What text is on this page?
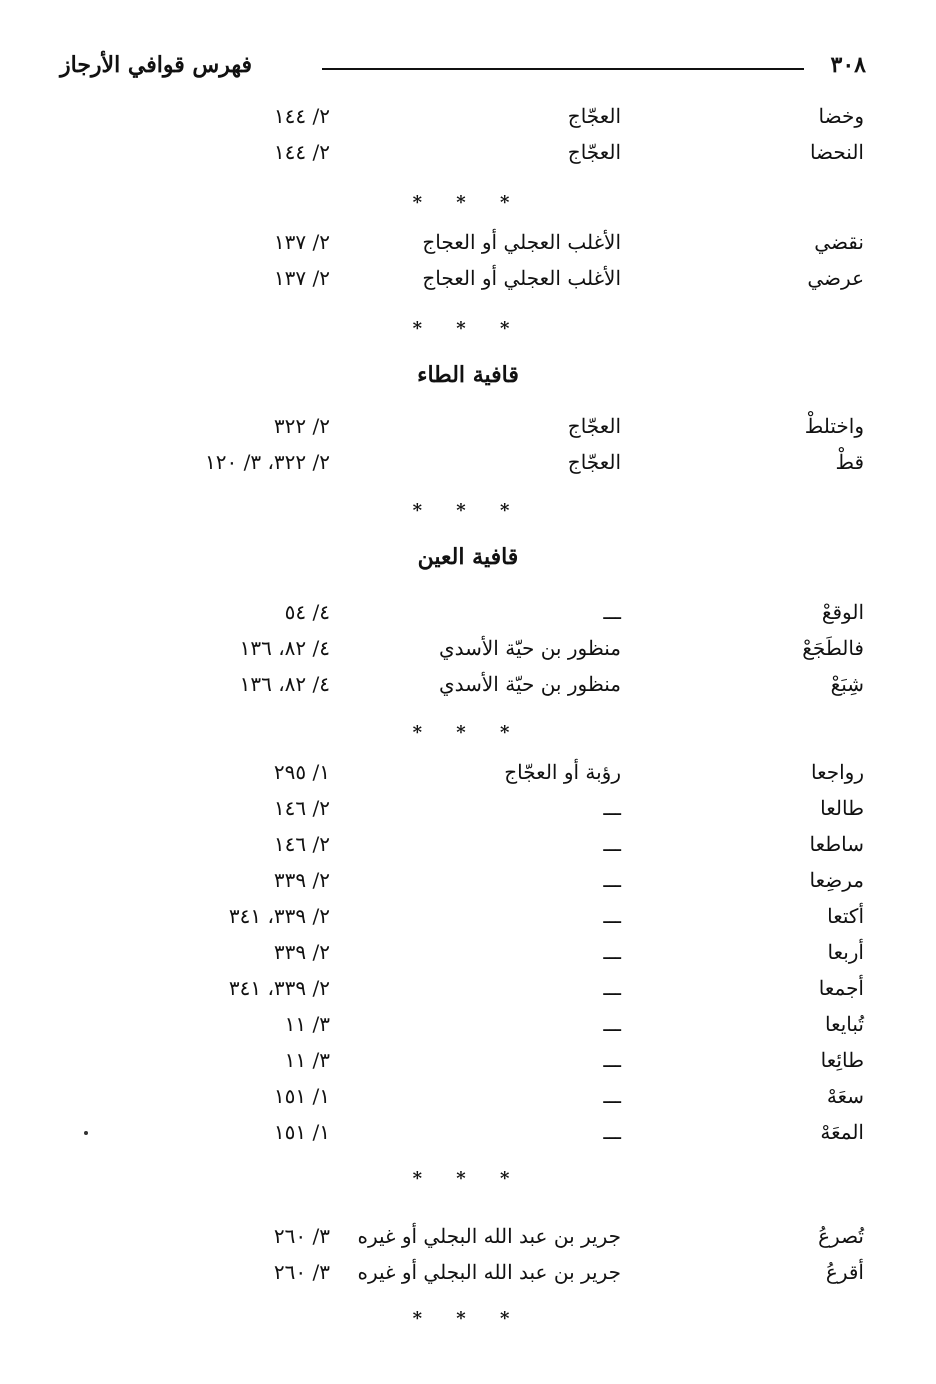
فهرس قوافي الأرجاز	٣٠٨
وخضا
العجّاج
٢/ ١٤٤
النحضا
العجّاج
٢/ ١٤٤
* * *
نقضي
الأغلب العجلي أو العجاج
٢/ ١٣٧
عرضي
الأغلب العجلي أو العجاج
٢/ ١٣٧
* * *
قافية الطاء
واختلطْ
العجّاج
٢/ ٣٢٢
قطْ
العجّاج
٢/ ٣٢٢، ٣/ ١٢٠
* * *
قافية العين
الوقعْ
ـــ
٤/ ٥٤
فالطَجَعْ
منظور بن حيّة الأسدي
٤/ ٨٢، ١٣٦
شِبَعْ
منظور بن حيّة الأسدي
٤/ ٨٢، ١٣٦
* * *
رواجعا
رؤبة أو العجّاج
١/ ٢٩٥
طالعا
ـــ
٢/ ١٤٦
ساطعا
ـــ
٢/ ١٤٦
مرضِعا
ـــ
٢/ ٣٣٩
أكتعا
ـــ
٢/ ٣٣٩، ٣٤١
أربعا
ـــ
٢/ ٣٣٩
أجمعا
ـــ
٢/ ٣٣٩، ٣٤١
تُبايعا
ـــ
٣/ ١١
طائِعا
ـــ
٣/ ١١
سعَهْ
ـــ
١/ ١٥١
المعَهْ
ـــ
١/ ١٥١
* * *
تُصرعُ
جرير بن عبد الله البجلي أو غيره
٣/ ٢٦٠
أقرعُ
جرير بن عبد الله البجلي أو غيره
٣/ ٢٦٠
* * *
